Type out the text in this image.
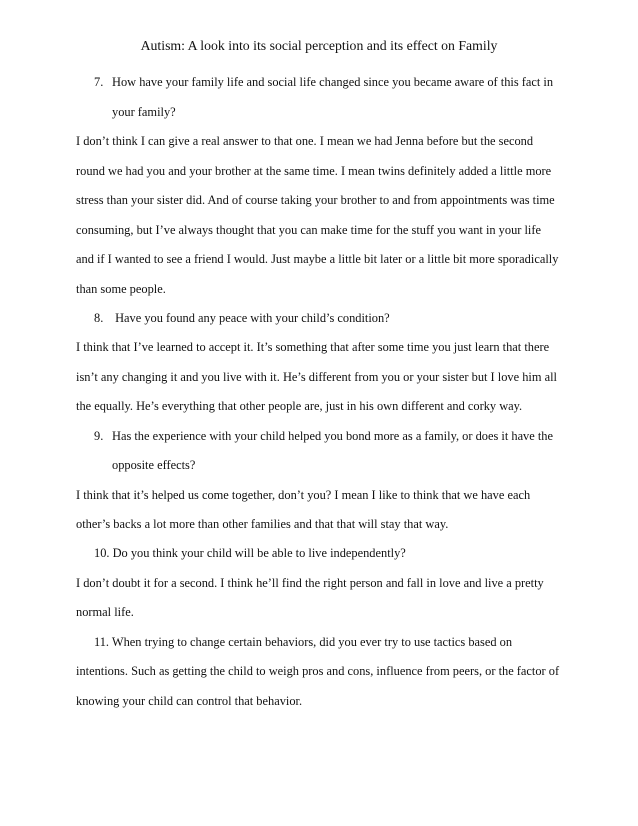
Autism: A look into its social perception and its effect on Family
7. How have your family life and social life changed since you became aware of this fact in
your family?
I don’t think I can give a real answer to that one. I mean we had Jenna before but the second
round we had you and your brother at the same time. I mean twins definitely added a little more
stress than your sister did. And of course taking your brother to and from appointments was time
consuming, but I’ve always thought that you can make time for the stuff you want in your life
and if I wanted to see a friend I would. Just maybe a little bit later or a little bit more sporadically
than some people.
8. Have you found any peace with your child’s condition?
I think that I’ve learned to accept it. It’s something that after some time you just learn that there
isn’t any changing it and you live with it. He’s different from you or your sister but I love him all
the equally. He’s everything that other people are, just in his own different and corky way.
9. Has the experience with your child helped you bond more as a family, or does it have the
opposite effects?
I think that it’s helped us come together, don’t you? I mean I like to think that we have each
other’s backs a lot more than other families and that that will stay that way.
10. Do you think your child will be able to live independently?
I don’t doubt it for a second. I think he’ll find the right person and fall in love and live a pretty
normal life.
11. When trying to change certain behaviors, did you ever try to use tactics based on
intentions. Such as getting the child to weigh pros and cons, influence from peers, or the factor of
knowing your child can control that behavior.
